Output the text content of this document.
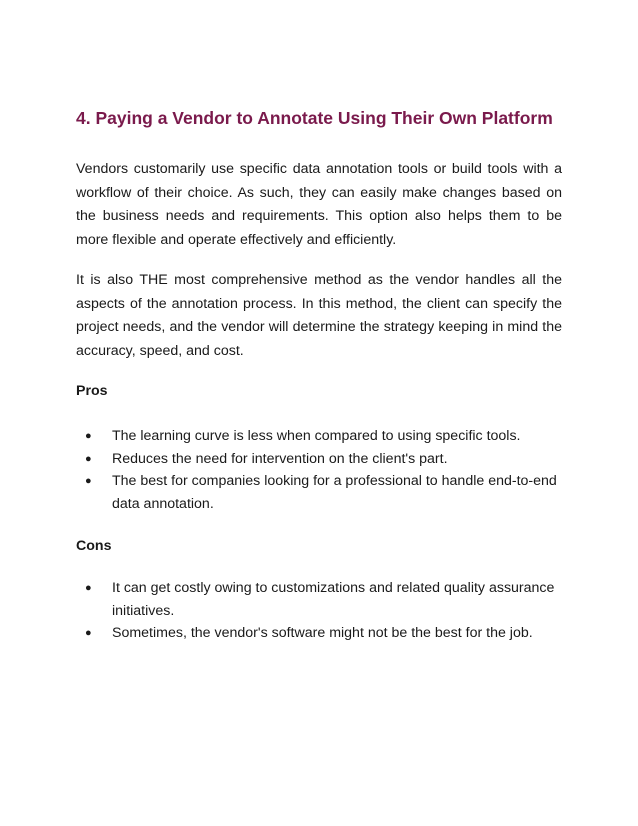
4. Paying a Vendor to Annotate Using Their Own Platform

Vendors customarily use specific data annotation tools or build tools with a workflow of their choice. As such, they can easily make changes based on the business needs and requirements. This option also helps them to be more flexible and operate effectively and efficiently.

It is also THE most comprehensive method as the vendor handles all the aspects of the annotation process. In this method, the client can specify the project needs, and the vendor will determine the strategy keeping in mind the accuracy, speed, and cost.

Pros

● The learning curve is less when compared to using specific tools.
● Reduces the need for intervention on the client's part.
● The best for companies looking for a professional to handle end-to-end data annotation.

Cons

● It can get costly owing to customizations and related quality assurance initiatives.
● Sometimes, the vendor's software might not be the best for the job.
